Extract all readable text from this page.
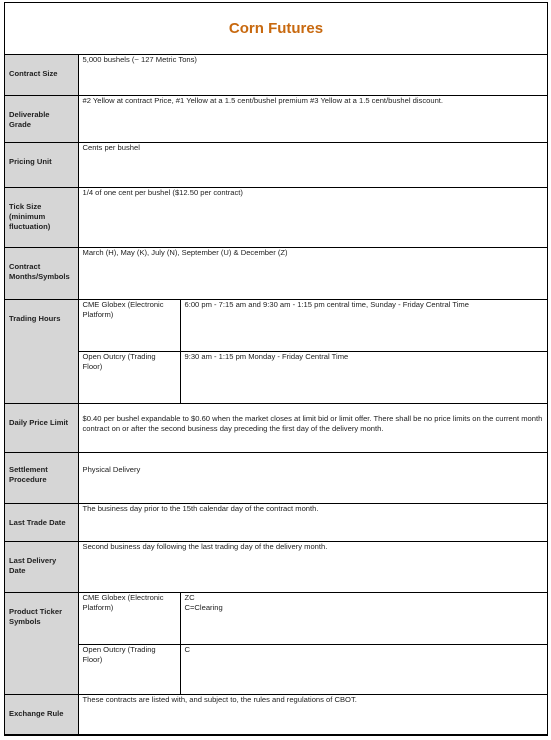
Corn Futures
Contract Size	5,000 bushels (~ 127 Metric Tons)	
Deliverable Grade	#2 Yellow at contract Price, #1 Yellow at a 1.5 cent/bushel premium #3 Yellow at a 1.5 cent/bushel discount.	
Pricing Unit	Cents per bushel	
Tick Size (minimum fluctuation)	1/4 of one cent per bushel ($12.50 per contract)	
Contract Months/Symbols	March (H), May (K), July (N), September (U) & December (Z)	
Trading Hours	CME Globex (Electronic Platform)	6:00 pm - 7:15 am and 9:30 am - 1:15 pm central time, Sunday - Friday Central Time
	Open Outcry (Trading Floor)	9:30 am - 1:15 pm Monday - Friday Central Time
Daily Price Limit	$0.40 per bushel expandable to $0.60 when the market closes at limit bid or limit offer. There shall be no price limits on the current month contract on or after the second business day preceding the first day of the delivery month.	
Settlement Procedure	Physical Delivery	
Last Trade Date	The business day prior to the 15th calendar day of the contract month.	
Last Delivery Date	Second business day following the last trading day of the delivery month.	
Product Ticker Symbols	CME Globex (Electronic Platform)	ZC
C=Clearing

	Open Outcry (Trading Floor)	C

Exchange Rule	These contracts are listed with, and subject to, the rules and regulations of CBOT.	
